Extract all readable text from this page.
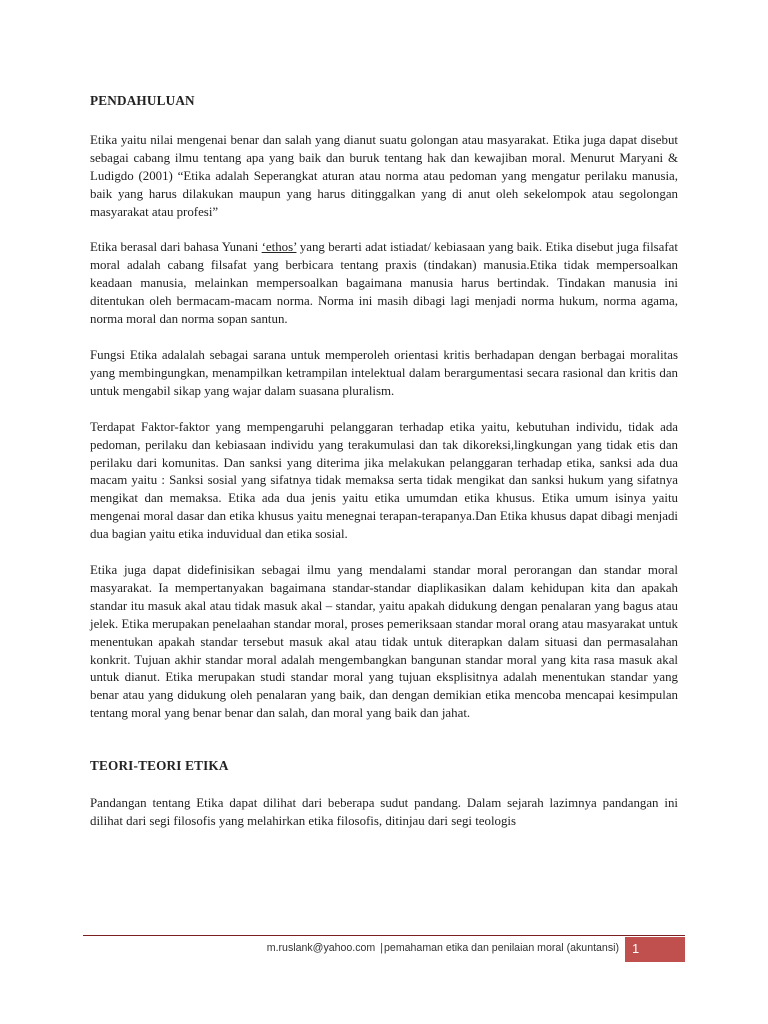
PENDAHULUAN

Etika yaitu nilai mengenai benar dan salah yang dianut suatu golongan atau masyarakat. Etika juga dapat disebut sebagai cabang ilmu tentang apa yang baik dan buruk tentang hak dan kewajiban moral. Menurut Maryani & Ludigdo (2001) “Etika adalah Seperangkat aturan atau norma atau pedoman yang mengatur perilaku manusia, baik yang harus dilakukan maupun yang harus ditinggalkan yang di anut oleh sekelompok atau segolongan masyarakat atau profesi”

Etika berasal dari bahasa Yunani ‘ethos’ yang berarti adat istiadat/ kebiasaan yang baik. Etika disebut juga filsafat moral adalah cabang filsafat yang berbicara tentang praxis (tindakan) manusia.Etika tidak mempersoalkan keadaan manusia, melainkan mempersoalkan bagaimana manusia harus bertindak. Tindakan manusia ini ditentukan oleh bermacam-macam norma. Norma ini masih dibagi lagi menjadi norma hukum, norma agama, norma moral dan norma sopan santun.

Fungsi Etika adalalah sebagai sarana untuk memperoleh orientasi kritis berhadapan dengan berbagai moralitas yang membingungkan, menampilkan ketrampilan intelektual dalam berargumentasi secara rasional dan kritis dan untuk mengabil sikap yang wajar dalam suasana pluralism.

Terdapat Faktor-faktor yang mempengaruhi pelanggaran terhadap etika yaitu, kebutuhan individu, tidak ada pedoman, perilaku dan kebiasaan individu yang terakumulasi dan tak dikoreksi,lingkungan yang tidak etis dan perilaku dari komunitas. Dan sanksi yang diterima jika melakukan pelanggaran terhadap etika, sanksi ada dua macam yaitu : Sanksi sosial yang sifatnya tidak memaksa serta tidak mengikat dan sanksi hukum yang sifatnya mengikat dan memaksa. Etika ada dua jenis yaitu etika umumdan etika khusus. Etika umum isinya yaitu mengenai moral dasar dan etika khusus yaitu menegnai terapan-terapanya.Dan Etika khusus dapat dibagi menjadi dua bagian yaitu etika induvidual dan etika sosial.

Etika juga dapat didefinisikan sebagai ilmu yang mendalami standar moral perorangan dan standar moral masyarakat. Ia mempertanyakan bagaimana standar-standar diaplikasikan dalam kehidupan kita dan apakah standar itu masuk akal atau tidak masuk akal – standar, yaitu apakah didukung dengan penalaran yang bagus atau jelek. Etika merupakan penelaahan standar moral, proses pemeriksaan standar moral orang atau masyarakat untuk menentukan apakah standar tersebut masuk akal atau tidak untuk diterapkan dalam situasi dan permasalahan konkrit. Tujuan akhir standar moral adalah mengembangkan bangunan standar moral yang kita rasa masuk akal untuk dianut. Etika merupakan studi standar moral yang tujuan eksplisitnya adalah menentukan standar yang benar atau yang didukung oleh penalaran yang baik, dan dengan demikian etika mencoba mencapai kesimpulan tentang moral yang benar benar dan salah, dan moral yang baik dan jahat.

TEORI-TEORI ETIKA

Pandangan tentang Etika dapat dilihat dari beberapa sudut pandang. Dalam sejarah lazimnya pandangan ini dilihat dari segi filosofis yang melahirkan etika filosofis, ditinjau dari segi teologis

m.ruslank@yahoo.com |pemahaman etika dan penilaian moral (akuntansi) 1
